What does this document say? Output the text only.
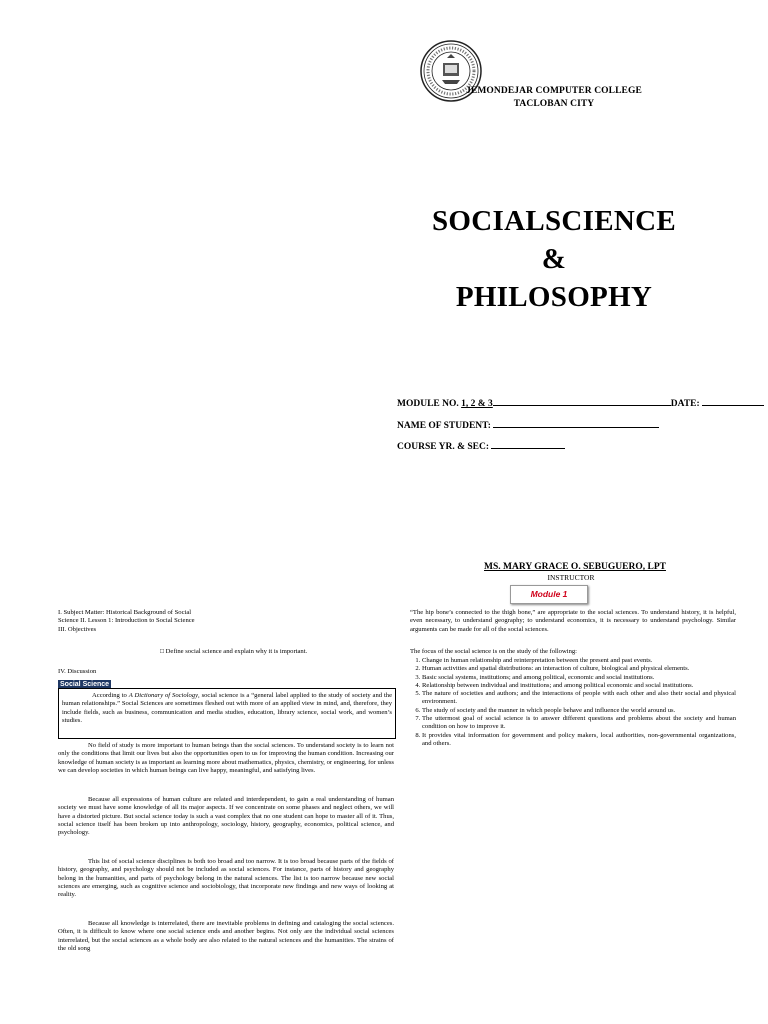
JEMONDEJAR COMPUTER COLLEGE
TACLOBAN CITY
SOCIALSCIENCE
&
PHILOSOPHY
MODULE NO. 1, 2 & 3	DATE:
NAME OF STUDENT:
COURSE YR. & SEC:
MS. MARY GRACE O. SEBUGUERO, LPT
INSTRUCTOR
Module 1
I. Subject Matter: Historical Background of Social
Science II. Lesson 1: Introduction to Social Science
III. Objectives
□ Define social science and explain why it is important.
IV. Discussion
Social Science
According to A Dictionary of Sociology, social science is a “general label applied to the study of society and the human relationships.” Social Sciences are sometimes fleshed out with more of an applied view in mind, and, therefore, they include fields, such as business, communication and media studies, education, library science, social work, and women’s studies.
No field of study is more important to human beings than the social sciences. To understand society is to learn not only the conditions that limit our lives but also the opportunities open to us for improving the human condition. Increasing our knowledge of human society is as important as learning more about mathematics, physics, chemistry, or engineering, for unless we can develop societies in which human beings can live happy, meaningful, and satisfying lives.
Because all expressions of human culture are related and interdependent, to gain a real understanding of human society we must have some knowledge of all its major aspects. If we concentrate on some phases and neglect others, we will have a distorted picture. But social science today is such a vast complex that no one student can hope to master all of it. Thus, social science itself has been broken up into anthropology, sociology, history, geography, economics, political science, and psychology.
This list of social science disciplines is both too broad and too narrow. It is too broad because parts of the fields of history, geography, and psychology should not be included as social sciences. For instance, parts of history and geography belong in the humanities, and parts of psychology belong in the natural sciences. The list is too narrow because new social sciences are emerging, such as cognitive science and sociobiology, that incorporate new findings and new ways of looking at reality.
Because all knowledge is interrelated, there are inevitable problems in defining and cataloging the social sciences. Often, it is difficult to know where one social science ends and another begins. Not only are the individual social sciences interrelated, but the social sciences as a whole body are also related to the natural sciences and the humanities. The strains of the old song
“The hip bone’s connected to the thigh bone,” are appropriate to the social sciences. To understand history, it is helpful, even necessary, to understand geography; to understand economics, it is necessary to understand psychology. Similar arguments can be made for all of the social sciences.
The focus of the social science is on the study of the following:
1. Change in human relationship and reinterpretation between the present and past events.
2. Human activities and spatial distributions: an interaction of culture, biological and physical elements.
3. Basic social systems, institutions; and among political, economic and social institutions.
4. Relationship between individual and institutions; and among political economic and social institutions.
5. The nature of societies and authors; and the interactions of people with each other and also their social and physical environment.
6. The study of society and the manner in which people behave and influence the world around us.
7. The uttermost goal of social science is to answer different questions and problems about the society and human condition on how to improve it.
8. It provides vital information for government and policy makers, local authorities, non-governmental organizations, and others.
